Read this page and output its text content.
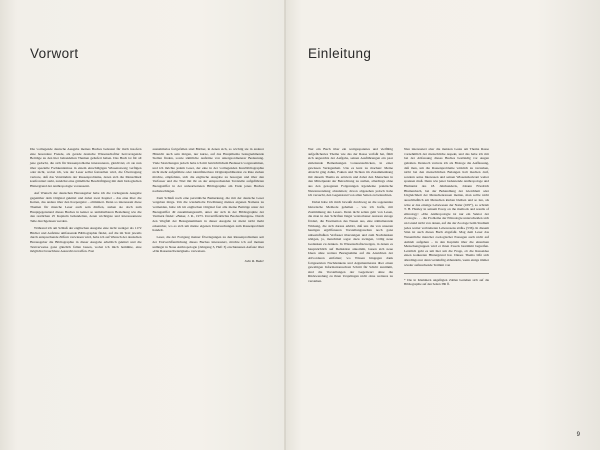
Vorwort

Die vorliegende deutsche Ausgabe meines Buches bedeutet für mich insofern eine besondere Freude, als gerade deutsche Wissenschaftler hervorragende Beiträge zu den hier behandelten Themen geliefert haben. Das Buch ist für all jene gedacht, die sich für Rassenprobleme interessieren, gleichviel, ob sie nun über spezielle Fachkenntnisse in einem einschlägigen Wissenszweig verfügen oder nicht, wobei ich, wie der Leser selbst feststellen wird, die Übertragung vertrete, daß das Verständnis der Rassenprobleme, deren sich die Menschheit konfrontiert sieht, zunächst eine gründliche Beschäftigung mit dem biologischen Hintergrund der Anthropologie voraussetzt.

Auf Wunsch der deutschen Herausgeber habe ich die vorliegende Ausgabe gegenüber dem Original gekürzt und dabei zwei Kapitel – das eine über die Keiten, das andere über den Korpergeist – eliminiert. Denn so interessant diese Themen für manche Leser auch sein dürften, stehen sie doch zum Hauptgegenstand dieses Buches in keiner so unmittelbaren Beziehung wie die den restlichen 25 Kapiteln behandelten, deren wichtigste und interessanteste Teile durchgelesen werden.

Während ich am Schluß der englischen Ausgabe eine nicht weniger als 1172 Bücher und Aufsätze umfassende Bibliographie findet, auf die im Text jeweils durch entsprechende Ziffern verwiesen wird, habe ich auf Wunsch der deutschen Herausgeber die Bibliographie in dieser Ausgabe erheblich gekürzt und die Textverweise ganz gänzlich fallen lassen, wobei ich mich bemühte, eine möglichst brauchbare Auswahl zu treffen. Fast

ausnahmslos fortgefallen sind Bücher, in denen sich, so wichtig sie in anderer Hinsicht auch sein mögen, nur kurze, auf das Hauptthema bezugnehmende Stellen finden, sowie sämtliche Aufsätze von untergeordneterer Bedeutung. Viele Streichungen jedoch habe ich mit beträchtlichem Bedauern vorgenommen, und ich möchte jedem Leser, der eine in der vorliegenden Kurzbibliographie nicht mehr aufgeführte oder identifizierbare Originalpublikation zu Rate ziehen möchte, empfehlen, sich die englische Ausgabe zu besorgen und über den Verfasser und die Titel mit ihr an der entsprechenden Textstelle aufgeführten Bezugsziffer in der unbearbeiteten Bibliographie am Ende jenes Buches nachzuschlagen.

Zum Schluß noch eine persönliche Bemerkung, die mir der deutsche Leser vergeben möge. Um die wiederholte Erwähnung meines eigenen Namens zu vermeiden, habe ich im englischen Original fast alle meine Beiträge unter der Bezugsziffer 49 zusammengestellt, unter der sich in der Bibliographie der Vermerk findet: »Baker, J. R., 1973. Unveröffentlichte Beobachtungen«. Durch den Wegfall der Bezugsnummern in dieser Ausgabe ist meist nicht mehr erkennbar, wo es sich um meine eigenen Untersuchungen zum Rassenproblem handelt.

Leser, die der Fortgang meiner Überlegungen zu den Rassenproblemen seit der Erstveröffentlichung dieses Buches interessiert, möchte ich auf meinen unlängst in Neue Anthropologie (Jahrgang 3, Heft 3) erschienenen Aufsatz über »Die Rassenschwierigkeit« verweisen.

John R. Baker
Einleitung

Wer ein Buch über ein weitgespanntes und vielfältig aufgefächertes Thema wie das der Rasse verfaßt hat, fühlt sich angesichts der Aufgabe, seinen Ausführungen ein paar einleitende Bemerkungen vorauszuschicken, in einer gewissen Verlegenheit. Uns es kurz zu machen: Meine Absicht ging dahin, Fakten und Sichten im Zusammenhang mit diesem Thema zu erörtern und dabei den Menschen in den Mittelpunkt der Betrachtung zu stellen, allerdings ohne aus den gezogenen Folgerungen irgendeine praktische Nutzanwendung abzuleiten; davon abgesehen jedoch habe ich versucht, den Gegenstand von allen Seiten zu beleuchten.

Dabei habe ich mich bewußt durchweg an die sogenannte historische Methode gehalten – wie ich hoffe, mit Zustimmung des Lesers. Denn nicht selten geht von Lesen, die man in den Schriften längst verstorbener Autoren zutage fördert, die Faszination des Neuen aus, eine stimulierende Wirkung, die sich daraus erklärt, daß uns die von unseren heutigen ergriffeneren Vorstellungswelten noch ganz unbeeinflußten Verfasser übersteigen und zum Nachdenken nötigen, ja, manchmal sogar dazu zwingen, völlig neue Gedanken zu denken. In Wissenschaftszweigen, in denen es hauptsächlich auf Deduktion ankommt, lassen sich neue Ideen ohne weitere Bezugnahme auf die Ansichten der Altvorderen entfalten; wo Wissen hingegen dank fortgesetzten Nachdenkens und Argumentierens über einen gewaltigen Informationsschatz Schritt für Schritt zunimmt, sind die Vorstellungen der Gegenwart ohne die Rückwendung zu ihren Ursprüngen nicht ohne weiteres zu verstehen.

Nun interessiert aber die meisten Leute am Thema Rasse vornehmlich der menschliche Aspekt, und das habe ich mir bei der Abfassung dieses Buches beständig vor Augen gehalten. Dennoch vertrete ich als Biologe die Auffassung, daß man, um die Rassenprobleme wirklich zu verstehen, nicht bei den menschlichen Belangen halt machen darf, sondern seine Interessen und seinen Wissenshorizont weiter spannen muß. Denn wie jener bedeutende Anthropologe und Humanist des 18. Jahrhunderts, Johann Friedrich Blumenbach, bei der Behandlung der Gleichheit oder Ungleichheit der Menschenrassen meinte, man sollte nicht ausschließlich am Menschen kleben bleiben und so tun, als wäre er das einzige Lebewesen der Natur (109*), so schrieb T. H. Huxley in seinem Essay on the methods and results of ethnology: »Die Anthropologie ist nur ein Sektor der Zoologie . . . die Probleme der Ethnologie unterscheiden sich un Grund nicht von denen, auf die der Zoologe beim Studium jedes weiter verbreiteten Lebewesens stößt« (536). In diesem Sinn ist auch dieses Buch abgefaßt. Mag dem Leser das Wesentliche mancher zoologischer Passagen auch nicht auf Anhieb aufgehen – in den Kapiteln über die einzelnen Menschengruppen wird er ihren Zweck bestimmt begreifen. Letztlich geht es um hier um die Frage, ob die Rasseidee einen konkreten Hintergrund hat. Dieses Thema läßt sich allerdings nur dann vernünftig abhandeln, wenn einige immer wieder auftauchende Termini von

* Die in Klammern ungefügten Zahlen beziehen sich auf die Bibliographie auf den Seiten 386 ff.
9
